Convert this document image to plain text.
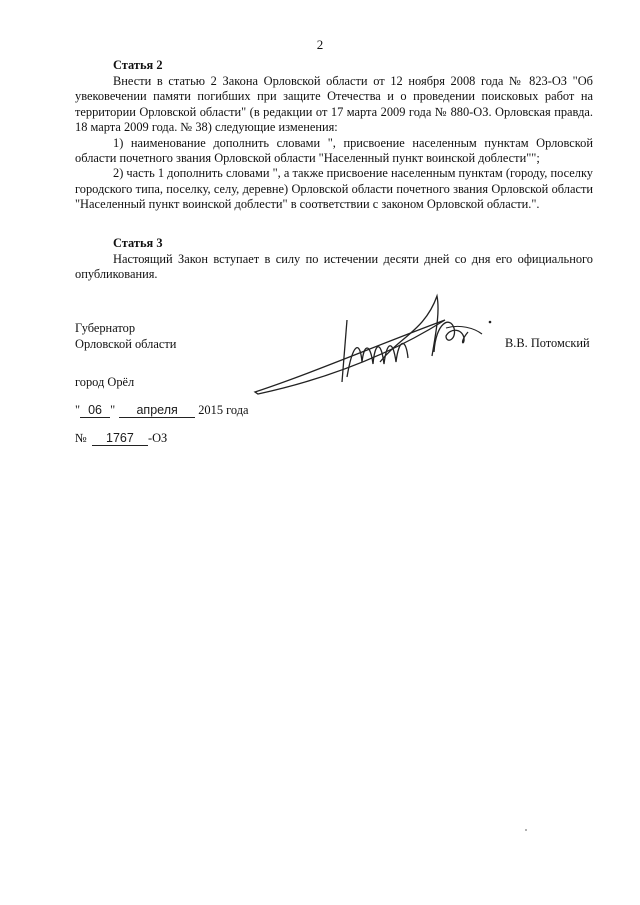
2
Статья 2

Внести в статью 2 Закона Орловской области от 12 ноября 2008 года № 823-ОЗ "Об увековечении памяти погибших при защите Отечества и о проведении поисковых работ на территории Орловской области" (в редакции от 17 марта 2009 года № 880-ОЗ. Орловская правда. 18 марта 2009 года. № 38) следующие изменения:

1) наименование дополнить словами ", присвоение населенным пунктам Орловской области почетного звания Орловской области "Населенный пункт воинской доблести"";

2) часть 1 дополнить словами ", а также присвоение населенным пунктам (городу, поселку городского типа, поселку, селу, деревне) Орловской области почетного звания Орловской области "Населенный пункт воинской доблести" в соответствии с законом Орловской области.".

Статья 3

Настоящий Закон вступает в силу по истечении десяти дней со дня его официального опубликования.

Губернатор
Орловской области	В.В. Потомский
город Орёл
" 06 " апреля 2015 года
№ 1767 -ОЗ
